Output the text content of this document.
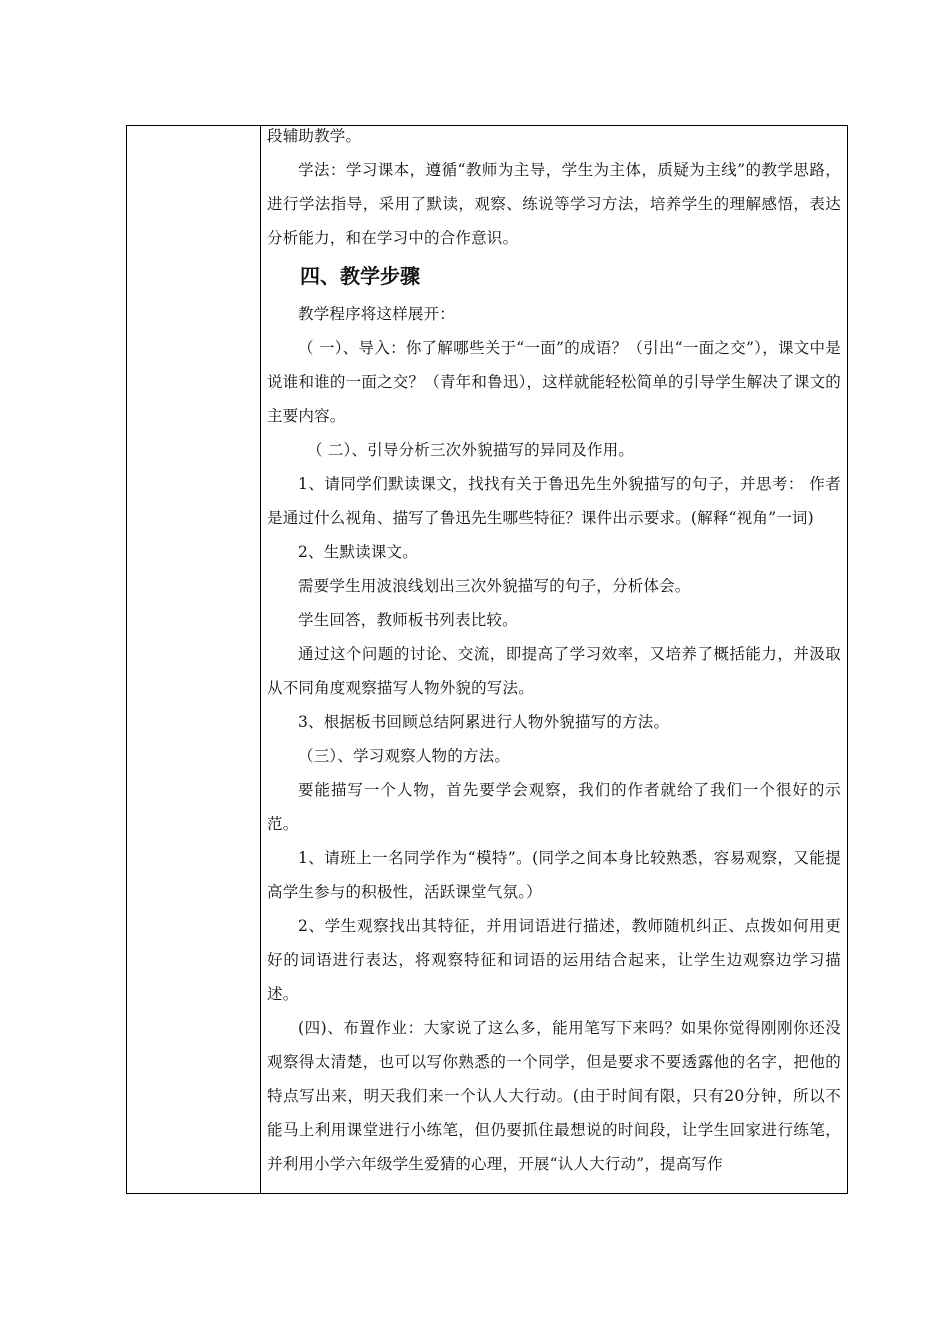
段辅助教学。

学法：学习课本，遵循“教师为主导，学生为主体，质疑为主线”的教学思路，进行学法指导，采用了默读，观察、练说等学习方法，培养学生的理解感悟，表达分析能力，和在学习中的合作意识。

四、教学步骤

教学程序将这样展开：

（ 一）、导入：你了解哪些关于“一面”的成语？（引出“一面之交”），课文中是说谁和谁的一面之交？（青年和鲁迅），这样就能轻松简单的引导学生解决了课文的主要内容。

（ 二）、引导分析三次外貌描写的异同及作用。

1、请同学们默读课文，找找有关于鲁迅先生外貌描写的句子，并思考： 作者是通过什么视角、描写了鲁迅先生哪些特征？课件出示要求。(解释“视角”一词)

2、生默读课文。

需要学生用波浪线划出三次外貌描写的句子，分析体会。

学生回答，教师板书列表比较。

通过这个问题的讨论、交流，即提高了学习效率，又培养了概括能力，并汲取从不同角度观察描写人物外貌的写法。

3、根据板书回顾总结阿累进行人物外貌描写的方法。

（三）、学习观察人物的方法。

要能描写一个人物，首先要学会观察，我们的作者就给了我们一个很好的示范。

1、请班上一名同学作为“模特”。(同学之间本身比较熟悉，容易观察，又能提高学生参与的积极性，活跃课堂气氛。）

2、学生观察找出其特征，并用词语进行描述，教师随机纠正、点拨如何用更好的词语进行表达，将观察特征和词语的运用结合起来，让学生边观察边学习描述。

(四)、布置作业：大家说了这么多，能用笔写下来吗？如果你觉得刚刚你还没观察得太清楚，也可以写你熟悉的一个同学，但是要求不要透露他的名字，把他的特点写出来，明天我们来一个认人大行动。(由于时间有限，只有20分钟，所以不能马上利用课堂进行小练笔，但仍要抓住最想说的时间段，让学生回家进行练笔，并利用小学六年级学生爱猜的心理，开展“认人大行动”，提高写作
